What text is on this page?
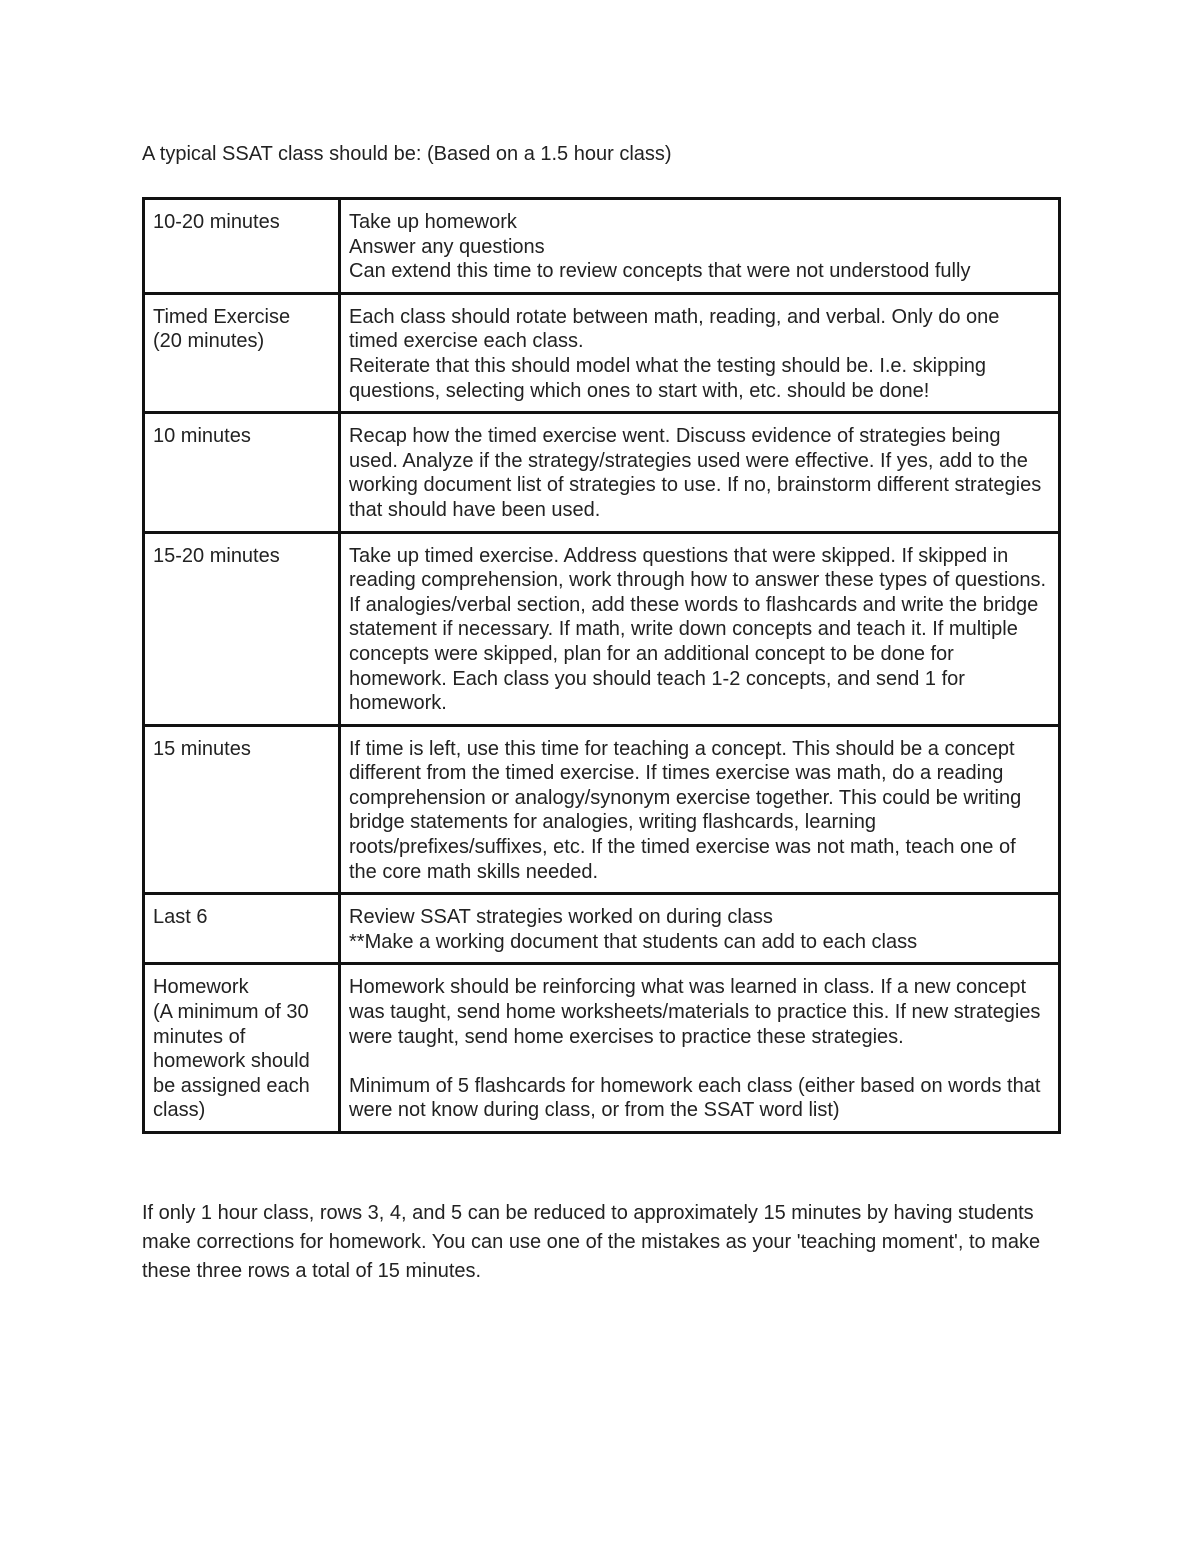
A typical SSAT class should be: (Based on a 1.5 hour class)

10-20 minutes	Take up homework
Answer any questions
Can extend this time to review concepts that were not understood fully

Timed Exercise
(20 minutes)	Each class should rotate between math, reading, and verbal. Only do one timed exercise each class.
Reiterate that this should model what the testing should be. I.e. skipping questions, selecting which ones to start with, etc. should be done!

10 minutes	Recap how the timed exercise went. Discuss evidence of strategies being used. Analyze if the strategy/strategies used were effective. If yes, add to the working document list of strategies to use. If no, brainstorm different strategies that should have been used.

15-20 minutes	Take up timed exercise. Address questions that were skipped. If skipped in reading comprehension, work through how to answer these types of questions. If analogies/verbal section, add these words to flashcards and write the bridge statement if necessary. If math, write down concepts and teach it. If multiple concepts were skipped, plan for an additional concept to be done for homework. Each class you should teach 1-2 concepts, and send 1 for homework.

15 minutes	If time is left, use this time for teaching a concept. This should be a concept different from the timed exercise. If times exercise was math, do a reading comprehension or analogy/synonym exercise together. This could be writing bridge statements for analogies, writing flashcards, learning roots/prefixes/suffixes, etc. If the timed exercise was not math, teach one of the core math skills needed.

Last 6	Review SSAT strategies worked on during class
**Make a working document that students can add to each class

Homework
(A minimum of 30 minutes of homework should be assigned each class)	Homework should be reinforcing what was learned in class. If a new concept was taught, send home worksheets/materials to practice this. If new strategies were taught, send home exercises to practice these strategies.
Minimum of 5 flashcards for homework each class (either based on words that were not know during class, or from the SSAT word list)

If only 1 hour class, rows 3, 4, and 5 can be reduced to approximately 15 minutes by having students make corrections for homework. You can use one of the mistakes as your 'teaching moment', to make these three rows a total of 15 minutes.
